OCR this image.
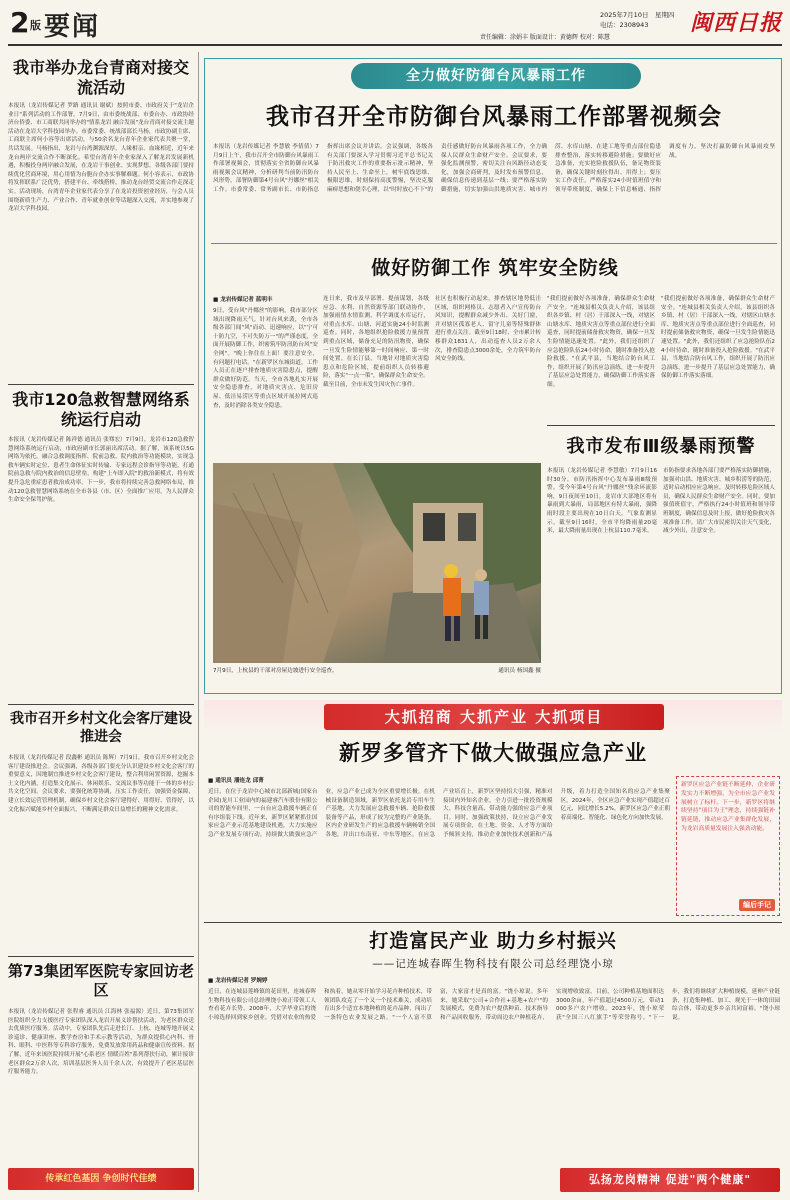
2 版 要闻	2025年7月10日 星期四
电话：2308943
责任编辑：涂娟丰 版面设计：黄德辉 校对：陈慧
闽西日报
我市举办龙台青商对接交流活动
本报讯（龙岩传媒记者 罗路 通讯员 谢斌）按照市委、市政府关于"龙岩企业日"系列活动的工作部署，7月9日，由市委统战部、市委台办、市政协经济台侨委、市工商联共同举办的"情系龙岩 融合发展"龙台青商对接交流主题活动在龙岩大学科技园举办。市委常委、统战部部长马杨，市政协副主席、工商联主席何小容等出席活动，与50余名龙台青年企业家代表共聚一堂，共话发展。马杨指出，龙岩与台湾渊源深厚，人缘相亲、血缘相近，近年来龙台两岸交流合作不断深化。希望台湾青年企业家深入了解龙岩发展新机遇，积极投身两岸融合发展，在龙岩干事创业、实现梦想。各级各部门要持续优化营商环境，用心用情为台胞台企办实事解难题。何小容表示，市政协将发挥联系广泛优势，搭建平台、牵线搭桥，推动龙台经贸交流合作走深走实。活动现场，台湾青年企业家代表分享了在龙岩投资创业经历，与会人员围绕新质生产力、产业合作、青年就业创业等话题深入交流，并实地参观了龙岩大学科技园。
我市120急救智慧网络系统运行启动
本报讯（龙岩传媒记者 陈祥德 通讯员 张骞宏）7月9日，龙岩市120急救智慧网络系统运行启动，市政府副市长郭丽出席活动。据了解，该系统以5G网络为依托，融合急救调度指挥、院前急救、院内救治等功能模块，实现急救车辆实时定位、患者生命体征实时传输、专家远程会诊指导等功能，打通院前急救与院内救治的信息壁垒，构建"上车即入院"的救治新模式，将有效提升急危重症患者救治成功率。下一步，我市将持续完善急救网络布局，推动120急救智慧网络系统在全市各县（市、区）全面推广应用，为人民群众生命安全保驾护航。
我市召开乡村文化会客厅建设推进会
本报讯（龙岩传媒记者 段鑫彬 通讯员 陈辉）7月9日，我市召开乡村文化会客厅建设推进会。会议强调，各级各部门要充分认识建设乡村文化会客厅的重要意义，因地制宜推进乡村文化会客厅建设，整合利用闲置资源，挖掘本土文化内涵，打造集文化展示、休闲娱乐、交流议事等功能于一体的乡村公共文化空间。会议要求，要强化统筹协调，压实工作责任，加强资金保障，建立长效运营管理机制，确保乡村文化会客厅建得好、用得好、管得好，以文化振兴赋能乡村全面振兴，不断满足群众日益增长的精神文化需求。
第73集团军医院专家回访老区
本报讯（龙岩传媒记者 张程睿 通讯员 江海林 张福源）近日，第73集团军医院组织全力支援医疗专家团队深入龙岩开展义诊帮扶活动，为老区群众送去优质医疗服务。活动中，专家团队先后走进长汀、上杭、连城等地开展义诊巡诊、健康讲座、教学查房和手术示教等活动，为群众提供心内科、骨科、眼科、中医科等专科诊疗服务，免费发放常用药品和健康宣传资料。据了解，近年来该医院持续开展"心系老区 情暖百姓"系列帮扶行动，累计接诊老区群众2万余人次，培训基层医务人员千余人次，有效提升了老区基层医疗服务能力。
传承红色基因 争创时代佳绩
全力做好防御台风暴雨工作
我市召开全市防御台风暴雨工作部署视频会
本报讯（龙岩传媒记者 李慧敏 李倩倩）7月9日上午，我市召开全市防御台风暴雨工作部署视频会，贯彻落实全省防御台风暴雨视频会议精神，分析研判当前防汛防台风形势，部署防御第4号台风"丹娜丝"相关工作。市委常委、常务副市长、市防指总指挥出席会议并讲话。会议强调，各级各有关部门要深入学习贯彻习近平总书记关于防汛救灾工作的重要指示批示精神，坚持人民至上、生命至上，树牢底线思维、极限思维，时刻保持高度警惕，坚决克服麻痹思想和侥幸心理，以"时时放心不下"的责任感做好防台风暴雨各项工作，全力确保人民群众生命财产安全。会议要求，要强化监测预警，密切关注台风路径动态变化，加强会商研判，及时发布预警信息，确保信息传递到基层一线；要严格落实防御措施，切实加强山洪地质灾害、城市内涝、水库山塘、在建工地等重点部位隐患排查整治，落实转移避险措施；要做好应急准备，充实抢险救援队伍，备足物资装备，确保关键时刻拉得出、用得上；要压实工作责任，严格落实24小时值班值守和领导带班制度，确保上下信息畅通、指挥调度有力，坚决打赢防御台风暴雨攻坚战。
做好防御工作 筑牢安全防线
■ 龙岩传媒记者 蓝明丰
9日，受台风"丹娜丝"的影响，我市部分区域出现降雨天气。针对台风来袭，全市各级各部门闻"风"而动、迅速响应，以"宁可十防九空，不可失防万一"的严谨态度，全面开展防御工作，织密筑牢防汛防台风"安全网"。"晚上你住在上面！要注意安全，有问题打电话。"在新罗区东城街道，工作人员正在逐户排查地质灾害隐患点，提醒群众做好防范。当天，全市各地扎实开展安全隐患排查，对地质灾害点、危旧房屋、低洼易涝区等重点区域开展拉网式巡查，及时消除各类安全隐患。
连日来，我市及早部署、提前谋划，各级应急、水利、自然资源等部门联动协作，加强雨情水情监测，科学调度水库运行，对重点水库、山塘、河道实施24小时监测巡查。同时，各地组织抢险救援力量预置到重点区域，储备充足的防汛物资，确保一旦发生险情能够第一时间响应、第一时间处置。在长汀县，当地针对地质灾害隐患点和危险区域，提前组织人员转移避险，落实"一点一策"，确保群众生命安全。截至目前，全市未发生因灾伤亡事件。
社区也积极行动起来，排查辖区地势低洼区域，组织网格员、志愿者入户宣传防台风知识，提醒群众减少外出、关好门窗，并对辖区孤寡老人、留守儿童等特殊群体进行重点关注。截至9日18时，全市累计转移群众1831人，出动巡查人员2万余人次，排查隐患点3000余处，全力筑牢防台风安全防线。
"我们提前做好各项准备，确保群众生命财产安全。"连城县相关负责人介绍，该县组织各乡镇、村（居）干部深入一线，对辖区山塘水库、地质灾害点等重点部位进行全面巡查，同时提前储备救灾物资，确保一旦发生险情能迅速处置。"此外，我们还组织了应急抢险队伍24小时待命，随时准备投入抢险救援。"在武平县，当地结合防台风工作，组织开展了防汛应急演练，进一步提升了基层应急处置能力，确保防御工作落实落细。
7月9日，上杭县的干部对房屋边坡进行安全巡查。	通讯员 杨国鑫 摄
"我们提前做好各项准备，确保群众生命财产安全。"连城县相关负责人介绍，该县组织各乡镇、村（居）干部深入一线，对辖区山塘水库、地质灾害点等重点部位进行全面巡查，同时提前储备救灾物资，确保一旦发生险情能迅速处置。"此外，我们还组织了应急抢险队伍24小时待命，随时准备投入抢险救援。"在武平县，当地结合防台风工作，组织开展了防汛应急演练，进一步提升了基层应急处置能力，确保防御工作落实落细。
我市发布Ⅲ级暴雨预警
本报讯（龙岩传媒记者 李慧敏）7月9日16时30分，市防汛指挥中心发布暴雨Ⅲ级预警。受今年第4号台风"丹娜丝"残余环流影响，9日夜间至10日，龙岩市大部地区将有暴雨到大暴雨，局部地区有特大暴雨，强降雨时段主要出现在10日白天。气象监测显示，截至9日16时，全市平均降雨量20毫米，最大降雨量出现在上杭县110.7毫米。
市防指要求各地各部门要严格落实防御措施，加强对山洪、地质灾害、城乡积涝等的防范，适时启动相应应急响应，及时转移危险区域人员，确保人民群众生命财产安全。同时，要加强值班值守，严格执行24小时值班和领导带班制度，确保信息及时上报，做好抢险救灾各项准备工作。请广大市民密切关注天气变化，减少外出，注意安全。
大抓招商 大抓产业 大抓项目
新罗多管齐下做大做强应急产业
■ 通讯员 潘连龙 邱菁
近日，在位于龙岩中心城市北部新城(国家台企园)龙川工业园内的福建睿汽车股份有限公司的智能车间里，一台台应急救援车辆正在有序组装下线。近年来，新罗区紧紧抓住国家应急产业示范基地建设机遇，大力实施应急产业发展专项行动，持续做大做强应急产业，应急产业已成为全区重要增长极。在机械设备制造领域，新罗区依托龙岩专用车生产基地，大力发展应急救援车辆、抢险救援装备等产品，形成了较为完整的产业链条。区内企业研发生产的应急救援车辆畅销全国各地，并出口东南亚、中东等地区。在应急产业培育上，新罗区坚持招大引强，精准对接国内外知名企业，全力引进一批投资规模大、科技含量高、带动能力强的应急产业项目。同时，加强政策扶持，设立应急产业发展专项资金，在土地、资金、人才等方面给予倾斜支持，推动企业加快技术创新和产品升级，着力打造全国知名的应急产业集聚区。2024年，全区应急产业实现产值超过百亿元，同比增长5.2%，新罗区应急产业正朝着高端化、智能化、绿色化方向加快发展。
新罗区应急产业链不断延伸，企业研发实力不断增强，为全市应急产业发展树立了标杆。下一步，新罗区将继续坚持"项目为王"理念，持续强链补链延链，推动应急产业集群化发展，为龙岩高质量发展注入强劲动能。
编后手记
打造富民产业 助力乡村振兴
——记连城春晖生物科技有限公司总经理饶小琼
■ 龙岩传媒记者 罗婉婷
近日，在连城县莲峰镇的花田里，连城春晖生物科技有限公司总经理饶小琼正带领工人查看花卉长势。2008年，大学毕业后的饶小琼选择回到家乡创业。凭借对农业的热爱和执着，她从零开始学习花卉种植技术，带领团队攻克了一个又一个技术难关，成功培育出多个适宜本地种植的花卉品种，闯出了一条特色农业发展之路。"一个人富不算富，大家富才是真的富。"饶小琼说。多年来，她采取"公司+合作社+基地+农户"的发展模式，免费为农户提供种苗、技术指导和产品回收服务，带动周边农户种植花卉，实现增收致富。目前，公司种植基地面积达3000余亩，年产值超过4500万元，带动1000多户农户增收。2023年，饶小琼荣获"全国三八红旗手"等荣誉称号。"下一步，我们将继续扩大种植规模，延伸产业链条，打造集种植、加工、观光于一体的田园综合体，带动更多乡亲共同富裕。"饶小琼说。
弘扬龙岗精神 促进"两个健康"
